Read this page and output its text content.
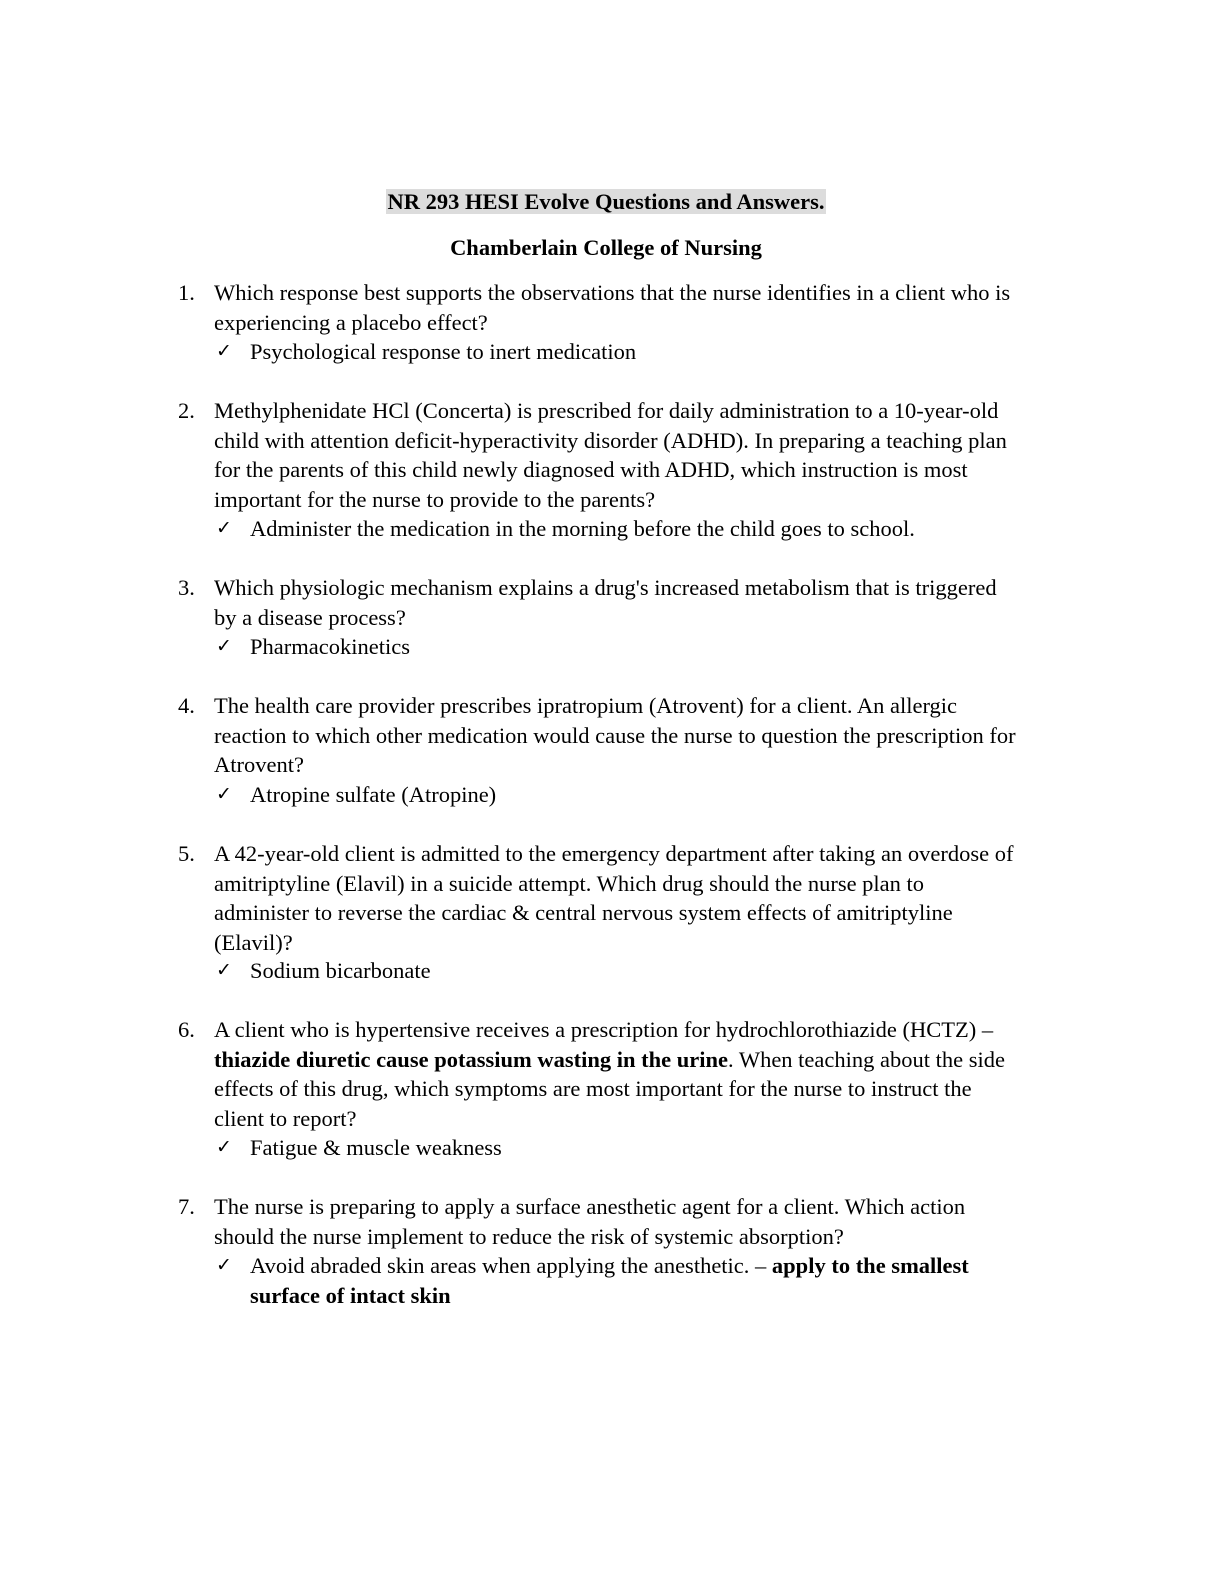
NR 293 HESI Evolve Questions and Answers.
Chamberlain College of Nursing
1. Which response best supports the observations that the nurse identifies in a client who is
experiencing a placebo effect?
✓ Psychological response to inert medication
2. Methylphenidate HCl (Concerta) is prescribed for daily administration to a 10-year-old
child with attention deficit-hyperactivity disorder (ADHD). In preparing a teaching plan
for the parents of this child newly diagnosed with ADHD, which instruction is most
important for the nurse to provide to the parents?
✓ Administer the medication in the morning before the child goes to school.
3. Which physiologic mechanism explains a drug's increased metabolism that is triggered
by a disease process?
✓ Pharmacokinetics
4. The health care provider prescribes ipratropium (Atrovent) for a client. An allergic
reaction to which other medication would cause the nurse to question the prescription for
Atrovent?
✓ Atropine sulfate (Atropine)
5. A 42-year-old client is admitted to the emergency department after taking an overdose of
amitriptyline (Elavil) in a suicide attempt. Which drug should the nurse plan to
administer to reverse the cardiac & central nervous system effects of amitriptyline
(Elavil)?
✓ Sodium bicarbonate
6. A client who is hypertensive receives a prescription for hydrochlorothiazide (HCTZ) –
thiazide diuretic cause potassium wasting in the urine. When teaching about the side
effects of this drug, which symptoms are most important for the nurse to instruct the
client to report?
✓ Fatigue & muscle weakness
7. The nurse is preparing to apply a surface anesthetic agent for a client. Which action
should the nurse implement to reduce the risk of systemic absorption?
✓ Avoid abraded skin areas when applying the anesthetic. – apply to the smallest
surface of intact skin
